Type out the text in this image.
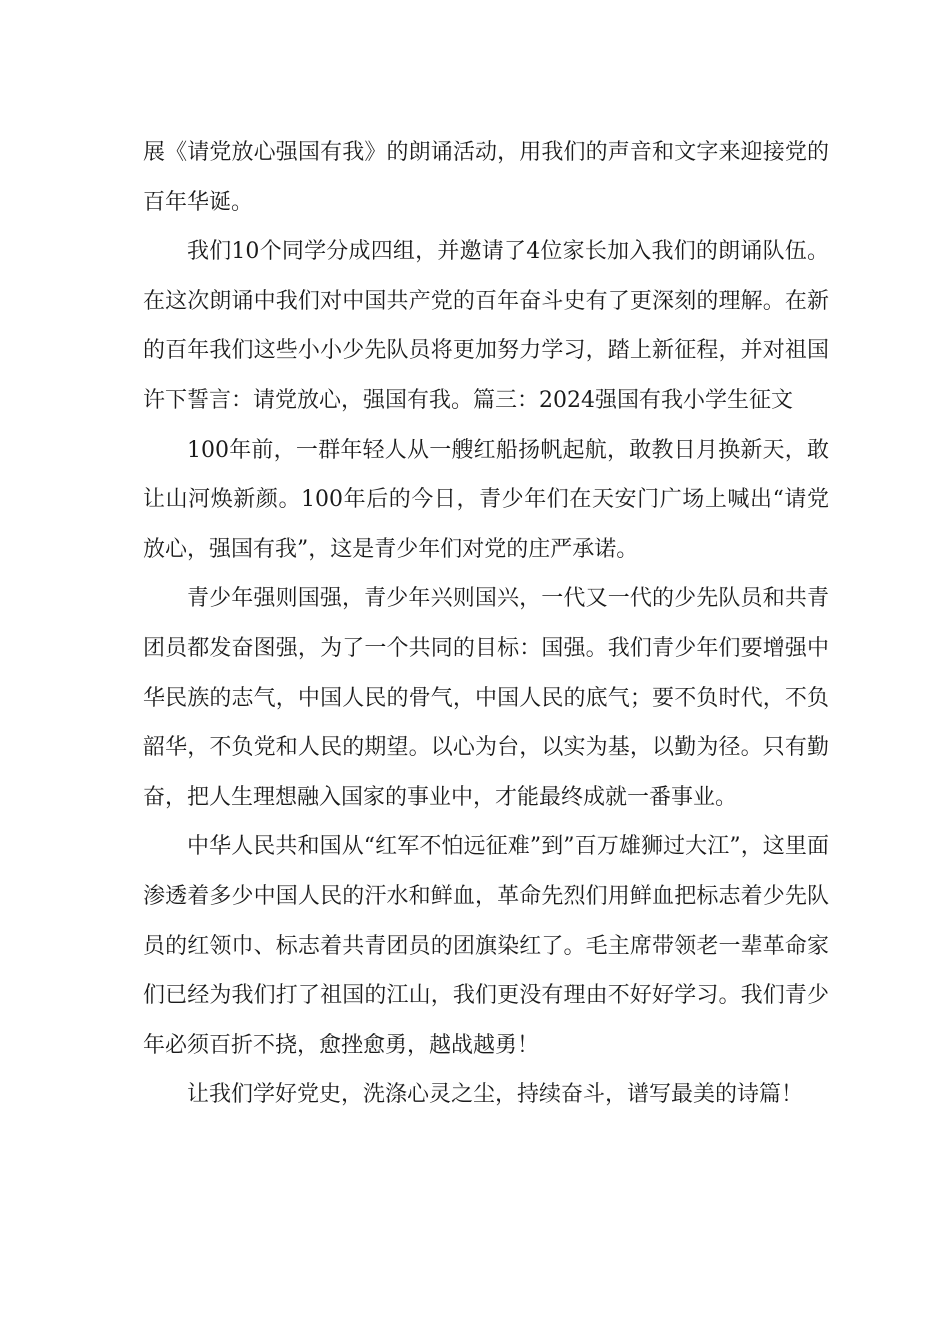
展《请党放心强国有我》的朗诵活动，用我们的声音和文字来迎接党的百年华诞。

我们10个同学分成四组，并邀请了4位家长加入我们的朗诵队伍。在这次朗诵中我们对中国共产党的百年奋斗史有了更深刻的理解。在新的百年我们这些小小少先队员将更加努力学习，踏上新征程，并对祖国许下誓言：请党放心，强国有我。篇三：2024强国有我小学生征文

100年前，一群年轻人从一艘红船扬帆起航，敢教日月换新天，敢让山河焕新颜。100年后的今日，青少年们在天安门广场上喊出“请党放心，强国有我”，这是青少年们对党的庄严承诺。

青少年强则国强，青少年兴则国兴，一代又一代的少先队员和共青团员都发奋图强，为了一个共同的目标：国强。我们青少年们要增强中华民族的志气，中国人民的骨气，中国人民的底气；要不负时代，不负韶华，不负党和人民的期望。以心为台，以实为基，以勤为径。只有勤奋，把人生理想融入国家的事业中，才能最终成就一番事业。

中华人民共和国从“红军不怕远征难”到”百万雄狮过大江”，这里面渗透着多少中国人民的汗水和鲜血，革命先烈们用鲜血把标志着少先队员的红领巾、标志着共青团员的团旗染红了。毛主席带领老一辈革命家们已经为我们打了祖国的江山，我们更没有理由不好好学习。我们青少年必须百折不挠，愈挫愈勇，越战越勇！

让我们学好党史，洗涤心灵之尘，持续奋斗，谱写最美的诗篇！
